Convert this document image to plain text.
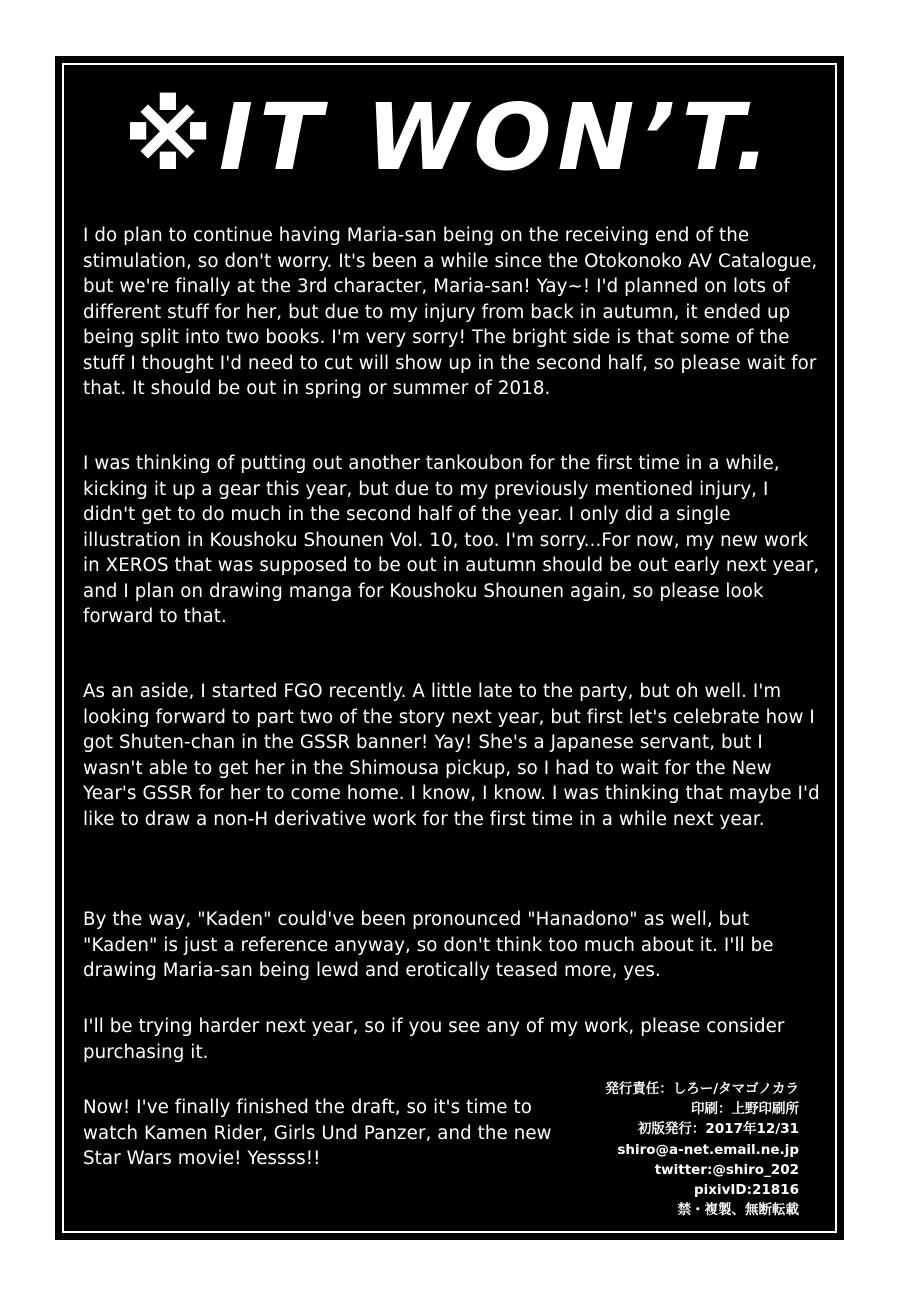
※IT WON’T.
I do plan to continue having Maria-san being on the receiving end of the stimulation, so don't worry. It's been a while since the Otokonoko AV Catalogue, but we're finally at the 3rd character, Maria-san! Yay~! I'd planned on lots of different stuff for her, but due to my injury from back in autumn, it ended up being split into two books. I'm very sorry! The bright side is that some of the stuff I thought I'd need to cut will show up in the second half, so please wait for that. It should be out in spring or summer of 2018.
I was thinking of putting out another tankoubon for the first time in a while, kicking it up a gear this year, but due to my previously mentioned injury, I didn't get to do much in the second half of the year. I only did a single illustration in Koushoku Shounen Vol. 10, too. I'm sorry...For now, my new work in XEROS that was supposed to be out in autumn should be out early next year, and I plan on drawing manga for Koushoku Shounen again, so please look forward to that.
As an aside, I started FGO recently. A little late to the party, but oh well. I'm looking forward to part two of the story next year, but first let's celebrate how I got Shuten-chan in the GSSR banner! Yay! She's a Japanese servant, but I wasn't able to get her in the Shimousa pickup, so I had to wait for the New Year's GSSR for her to come home. I know, I know. I was thinking that maybe I'd like to draw a non-H derivative work for the first time in a while next year.
By the way, "Kaden" could've been pronounced "Hanadono" as well, but "Kaden" is just a reference anyway, so don't think too much about it. I'll be drawing Maria-san being lewd and erotically teased more, yes.
I'll be trying harder next year, so if you see any of my work, please consider purchasing it.
Now! I've finally finished the draft, so it's time to watch Kamen Rider, Girls Und Panzer, and the new Star Wars movie! Yessss!!
発行責任：しろー/タマゴノカラ
印刷：上野印刷所
初版発行：2017年12/31
shiro@a-net.email.ne.jp
twitter:@shiro_202
pixivID:21816
禁・複製、無断転載
